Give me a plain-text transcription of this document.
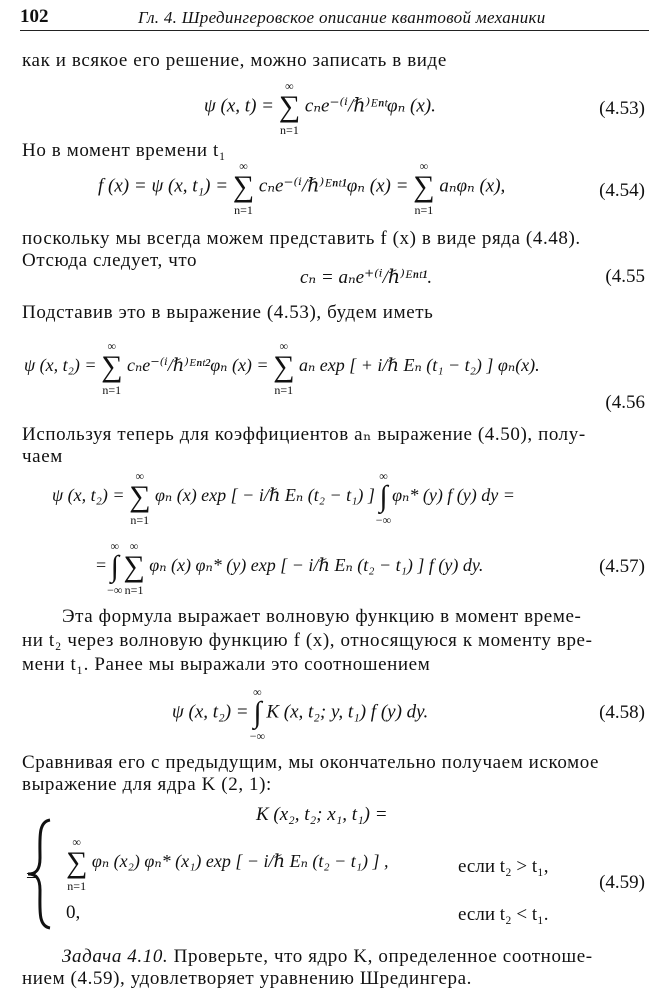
102	Гл. 4. Шредингеровское описание квантовой механики
как и всякое его решение, можно записать в виде
ψ (x, t) = ∑
∞
n=1
cₙe⁻⁽ⁱ/ℏ⁾ᴱⁿᵗφₙ (x).	(4.53)
Но в момент времени t₁
f (x) = ψ (x, t₁) = ∑
∞
n=1
cₙe⁻⁽ⁱ/ℏ⁾ᴱⁿᵗ¹φₙ (x) = ∑
∞
n=1
aₙφₙ (x),	(4.54)
поскольку мы всегда можем представить f (x) в виде ряда (4.48).
Отсюда следует, что
cₙ = aₙe⁺⁽ⁱ/ℏ⁾ᴱⁿᵗ¹.	(4.55
Подставив это в выражение (4.53), будем иметь
ψ (x, t₂) = ∑
∞
n=1
cₙe⁻⁽ⁱ/ℏ⁾ᴱⁿᵗ²φₙ (x) = ∑
∞
n=1
aₙ exp [ + i/ℏ Eₙ (t₁ − t₂) ] φₙ(x).
(4.56
Используя теперь для коэффициентов aₙ выражение (4.50), полу-
чаем
ψ (x, t₂) = ∑
∞
n=1
φₙ (x) exp [ − i/ℏ Eₙ (t₂ − t₁) ] ∫
∞
−∞
φₙ* (y) f (y) dy =
= ∫
∞
−∞
∑
∞
n=1
φₙ (x) φₙ* (y) exp [ − i/ℏ Eₙ (t₂ − t₁) ] f (y) dy.	(4.57)
Эта формула выражает волновую функцию в момент време-
ни t₂ через волновую функцию f (x), относящуюся к моменту вре-
мени t₁. Ранее мы выражали это соотношением
ψ (x, t₂) = ∫
∞
−∞
K (x, t₂; y, t₁) f (y) dy.	(4.58)
Сравнивая его с предыдущим, мы окончательно получаем искомое
выражение для ядра K (2, 1):
K (x₂, t₂; x₁, t₁) =
= ∑
∞
n=1
φₙ (x₂) φₙ* (x₁) exp [ − i/ℏ Eₙ (t₂ − t₁) ] ,	если t₂ > t₁,
(4.59)
0,	если t₂ < t₁.
Задача 4.10. Проверьте, что ядро K, определенное соотноше-
нием (4.59), удовлетворяет уравнению Шредингера.
